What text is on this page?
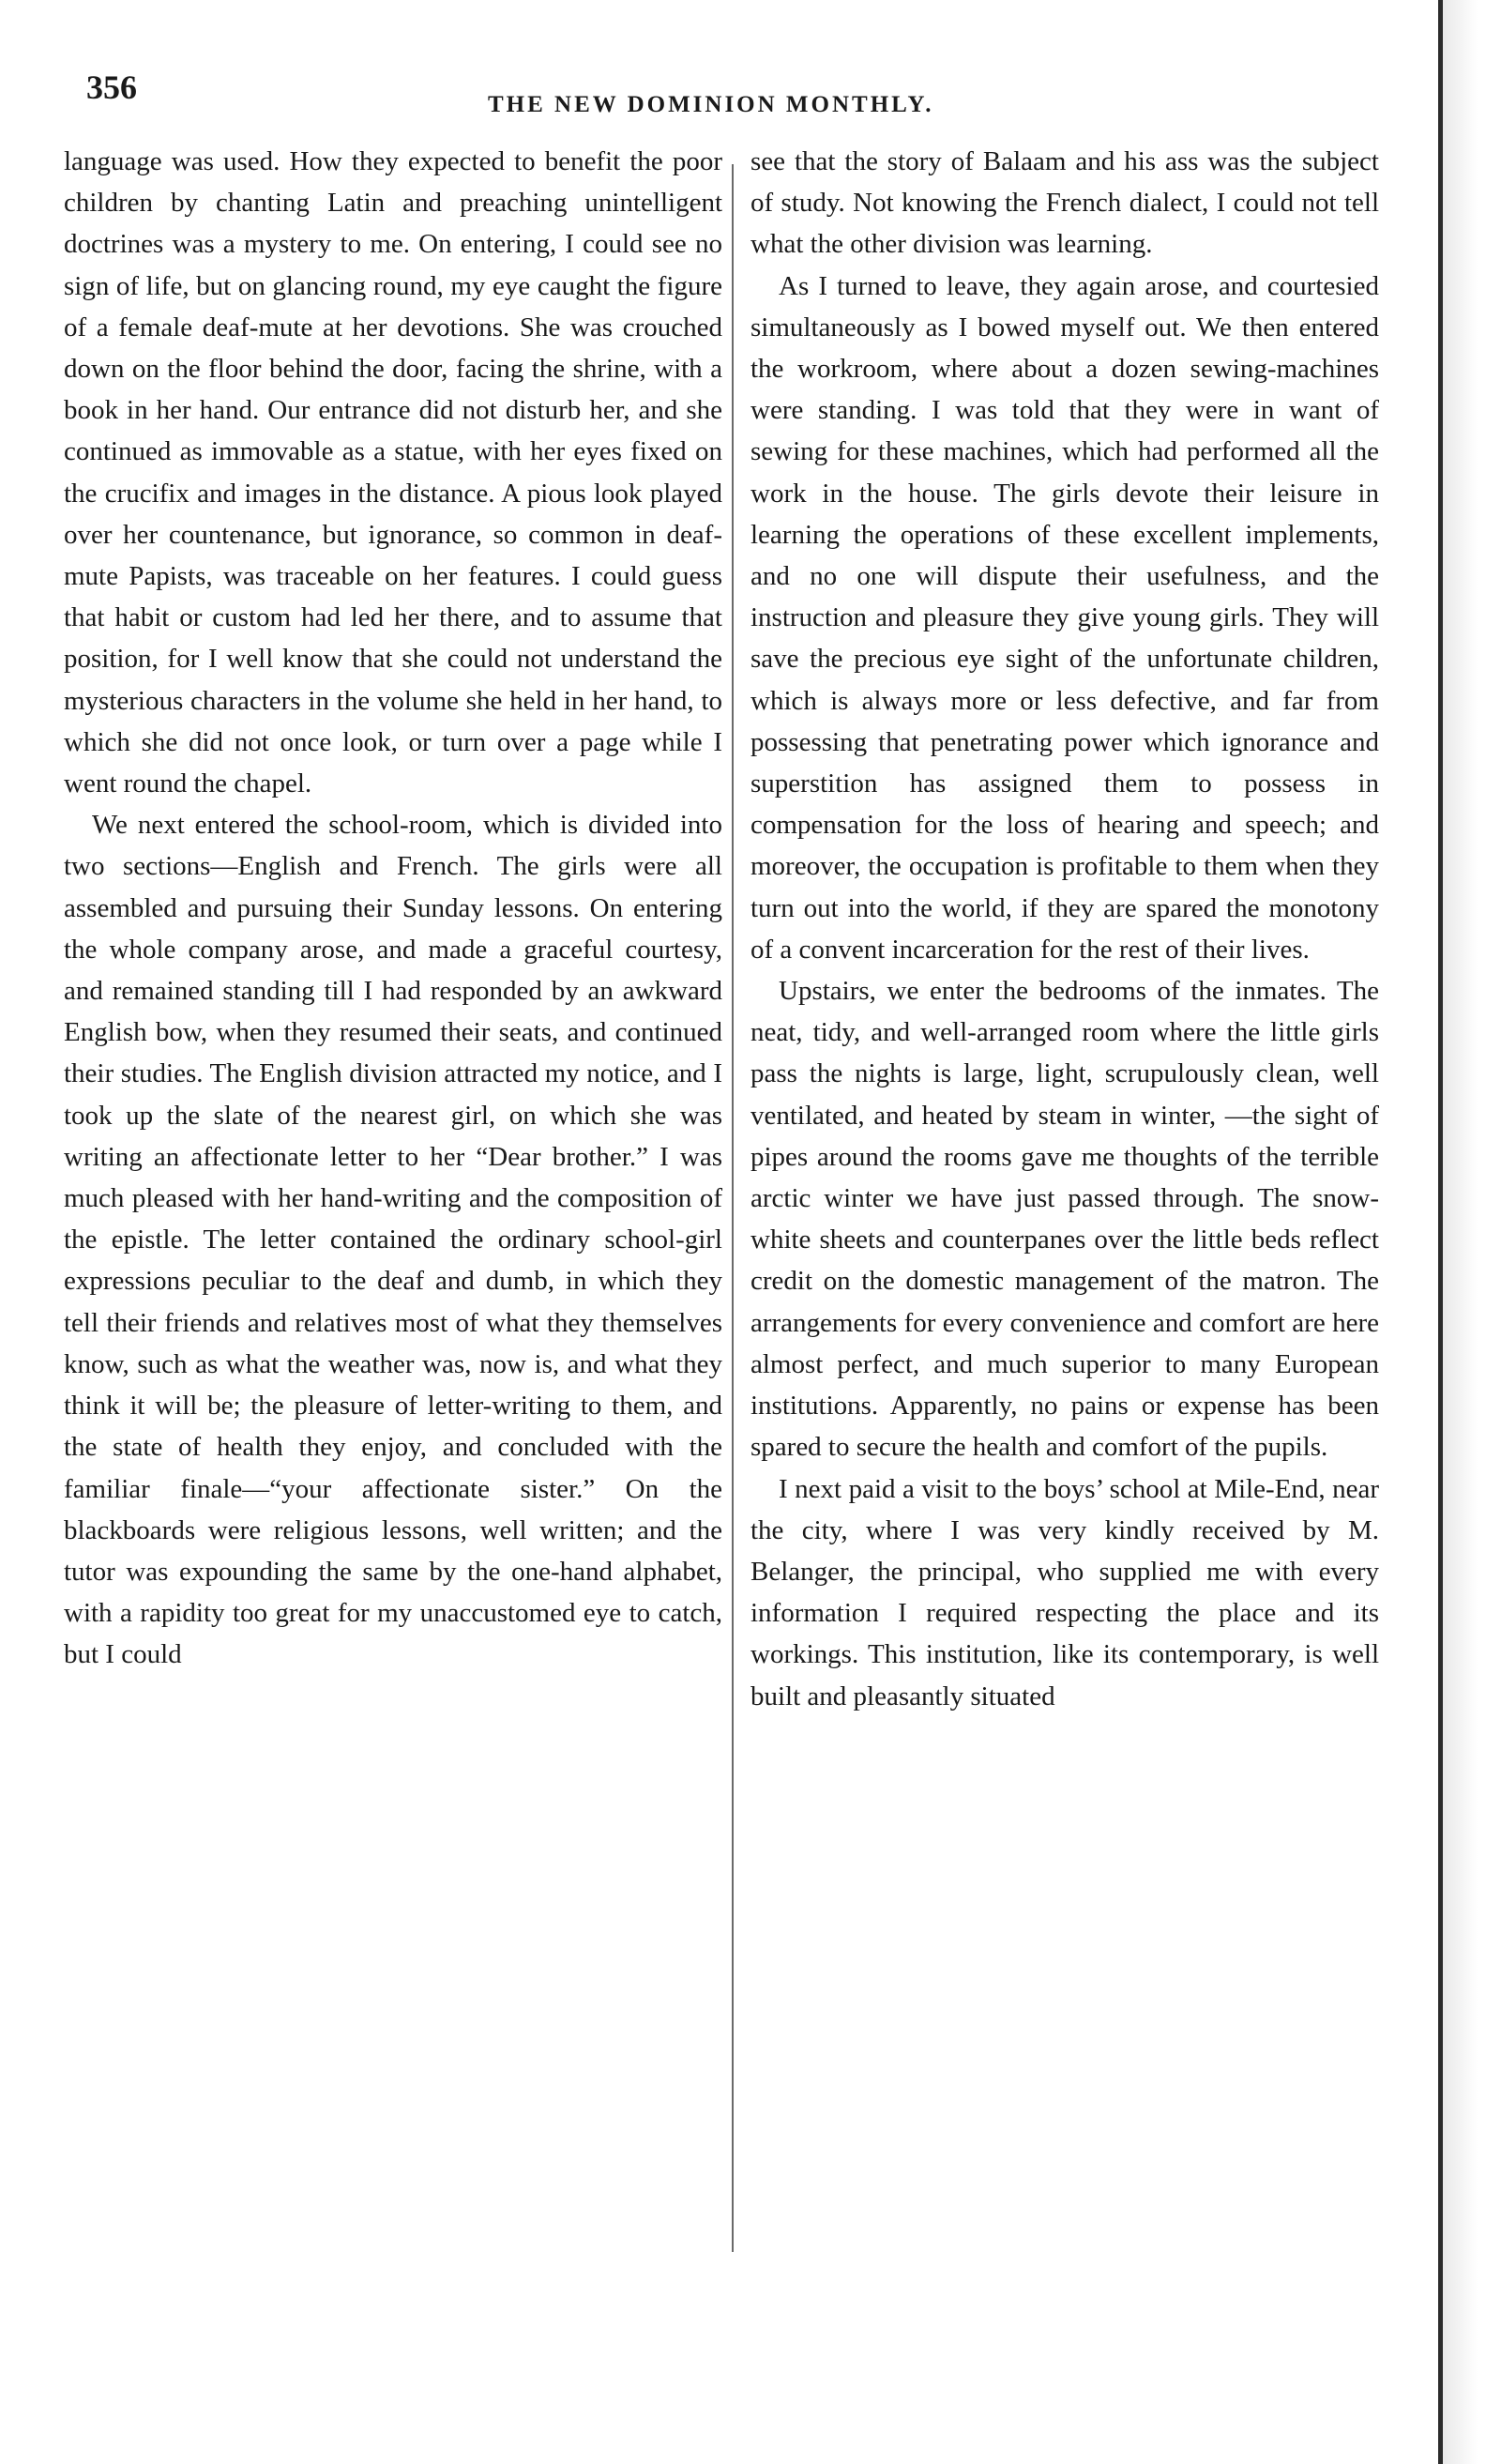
356	THE NEW DOMINION MONTHLY.

language was used. How they expected to benefit the poor children by chanting Latin and preaching unintelligent doctrines was a mystery to me. On entering, I could see no sign of life, but on glancing round, my eye caught the figure of a female deaf-mute at her devotions. She was crouched down on the floor behind the door, facing the shrine, with a book in her hand. Our entrance did not disturb her, and she continued as immovable as a statue, with her eyes fixed on the crucifix and images in the distance. A pious look played over her countenance, but ignorance, so common in deaf-mute Papists, was traceable on her features. I could guess that habit or custom had led her there, and to assume that position, for I well know that she could not understand the mysterious characters in the volume she held in her hand, to which she did not once look, or turn over a page while I went round the chapel.

We next entered the school-room, which is divided into two sections—English and French. The girls were all assembled and pursuing their Sunday lessons. On entering the whole company arose, and made a graceful courtesy, and remained standing till I had responded by an awkward English bow, when they resumed their seats, and continued their studies. The English division attracted my notice, and I took up the slate of the nearest girl, on which she was writing an affectionate letter to her “Dear brother.” I was much pleased with her hand-writing and the composition of the epistle. The letter contained the ordinary school-girl expressions peculiar to the deaf and dumb, in which they tell their friends and relatives most of what they themselves know, such as what the weather was, now is, and what they think it will be; the pleasure of letter-writing to them, and the state of health they enjoy, and concluded with the familiar finale—“your affectionate sister.” On the blackboards were religious lessons, well written; and the tutor was expounding the same by the one-hand alphabet, with a rapidity too great for my unaccustomed eye to catch, but I could

see that the story of Balaam and his ass was the subject of study. Not knowing the French dialect, I could not tell what the other division was learning.

As I turned to leave, they again arose, and courtesied simultaneously as I bowed myself out. We then entered the workroom, where about a dozen sewing-machines were standing. I was told that they were in want of sewing for these machines, which had performed all the work in the house. The girls devote their leisure in learning the operations of these excellent implements, and no one will dispute their usefulness, and the instruction and pleasure they give young girls. They will save the precious eye sight of the unfortunate children, which is always more or less defective, and far from possessing that penetrating power which ignorance and superstition has assigned them to possess in compensation for the loss of hearing and speech; and moreover, the occupation is profitable to them when they turn out into the world, if they are spared the monotony of a convent incarceration for the rest of their lives.

Upstairs, we enter the bedrooms of the inmates. The neat, tidy, and well-arranged room where the little girls pass the nights is large, light, scrupulously clean, well ventilated, and heated by steam in winter, —the sight of pipes around the rooms gave me thoughts of the terrible arctic winter we have just passed through. The snow-white sheets and counterpanes over the little beds reflect credit on the domestic management of the matron. The arrangements for every convenience and comfort are here almost perfect, and much superior to many European institutions. Apparently, no pains or expense has been spared to secure the health and comfort of the pupils.

I next paid a visit to the boys’ school at Mile-End, near the city, where I was very kindly received by M. Belanger, the principal, who supplied me with every information I required respecting the place and its workings. This institution, like its contemporary, is well built and pleasantly situated
